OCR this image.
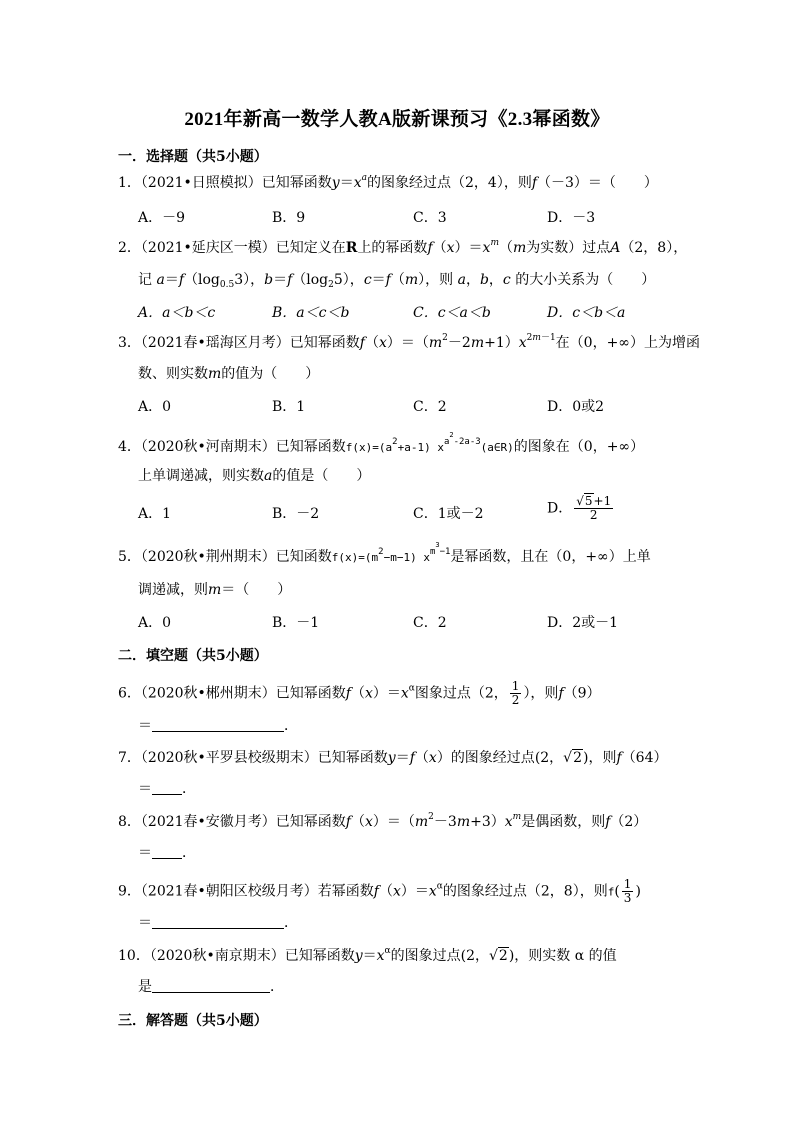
2021年新高一数学人教A版新课预习《2.3幂函数》
一．选择题（共5小题）
1．（2021•日照模拟）已知幂函数$y=x^a$的图象经过点（2，4），则f（－3）＝（　　）
A．－9	B．9	C．3	D．－3
2．（2021•延庆区一模）已知定义在R上的幂函数$f(x)=x^m(m$为实数）过点A（2，8），
记 $a=f(\log_{0.5}3)$，$b=f(\log_25)$，c＝f（m），则 a，b，c 的大小关系为（　　）
A．a＜b＜c	B．a＜c＜b	C．c＜a＜b	D．c＜b＜a
3．（2021春•瑶海区月考）已知幂函数$f(x)=(m^2-2m+1)x^{2m-1}$在（0，+∞）上为增函
数、则实数m的值为（　　）
A．0	B．1	C．2	D．0或2
4．（2020秋•河南期末）已知幂函数$f(x)=(a^2+a-1)$ $x^{a^2-2a-3}(a\in R)$的图象在（0，+∞）
上单调递减，则实数a的值是（　　）
A．1	B．－2	C．1或－2	D． $\frac{√5+1}{2}$
5．（2020秋•荆州期末）已知函数$f(x)=(m^2-m-1)$ $x^{m^3-1}$是幂函数，且在（0，+∞）上单
调递减，则m＝（　　）
A．0	B．－1	C．2	D．2或－1
二．填空题（共5小题）
6．（2020秋•郴州期末）已知幂函数$f(x)=x^\alpha$图象过点（2， $\frac{1}{2}$ ），则f（9）
＝	．
7．（2020秋•平罗县校级期末）已知幂函数y＝f（x）的图象经过点(2，√2)，则f（64）
＝ ．
8．（2021春•安徽月考）已知幂函数$f(x)=(m^2-3m+3)x^m$是偶函数，则f（2）
＝ ．
9．（2021春•朝阳区校级月考）若幂函数$f(x)=x^\alpha$的图象经过点（2，8），则$f( \frac{1}{3}$ )
＝	．
10．（2020秋•南京期末）已知幂函数$y=x^\alpha$的图象过点(2，√2)，则实数 α 的值
是	．
三．解答题（共5小题）
